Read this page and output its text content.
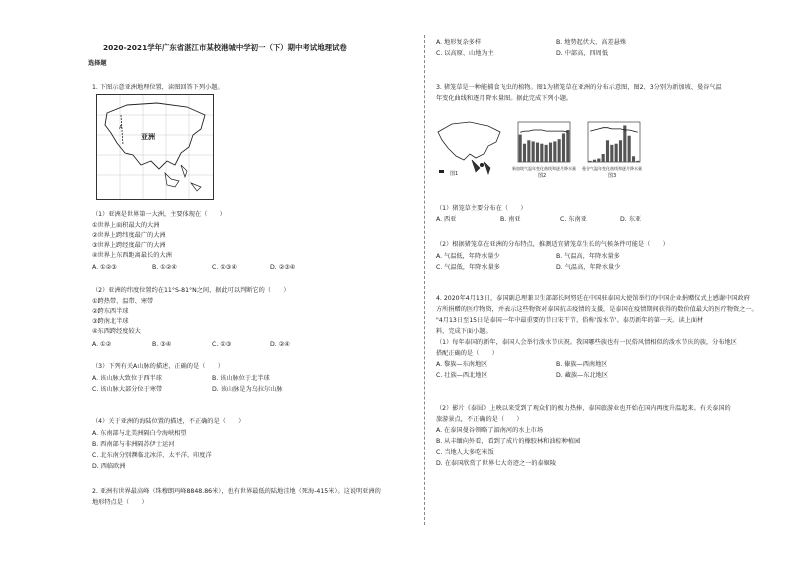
2020-2021学年广东省湛江市某校港城中学初一（下）期中考试地理试卷
选择题
1. 下图示意亚洲地理位置，读图回答下列小题。
A
亚洲
（1）亚洲是世界第一大洲，主要体现在（　　）
①世界上面积最大的大洲
②世界上跨纬度最广的大洲
③世界上跨经度最广的大洲
④世界上东西距离最长的大洲
A. ①②③	B. ①②④	C. ①③④	D. ②③④
（2）亚洲的纬度位置约在11°S-81°N之间，据此可以判断它的（　　）
①跨热带、温带、寒带
②跨东西半球
③跨南北半球
④东西跨经度较大
A. ①②	B. ③④	C. ①③	D. ②④
（3）下列有关A山脉的描述，正确的是（　　）
A. 该山脉大致位于西半球	B. 该山脉位于北半球
C. 该山脉大部分位于寒带	D. 该山脉是为乌拉尔山脉
（4）关于亚洲的海陆位置的描述，不正确的是（　　）
A. 东南部与北美洲隔白令海峡相望
B. 西南部与非洲隔苏伊士运河
C. 北东南分别濒临北冰洋、太平洋、印度洋
D. 西临欧洲
2. 亚洲有世界最高峰（珠穆朗玛峰8848.86米），也有世界最低的陆地洼地（死海-415米）。这说明亚洲的
地形特点是（　　）
A. 地形复杂多样	B. 地势起伏大，高差悬殊
C. 以高原、山地为主	D. 中部高，四周低
3. 猪笼草是一种能捕食飞虫的植物。图1为猪笼草在亚洲的分布示意图，图2、3分别为新加坡、曼谷气温
年变化曲线和逐月降水量图。据此完成下列小题。
图1
新加坡气温年变化曲线和逐月降水量
图2
曼谷气温年变化曲线和逐月降水量
图3
（1）猪笼草主要分布在（　　）
A. 西亚	B. 南亚	C. 东南亚	D. 东亚
（2）根据猪笼草在亚洲的分布特点，推测适宜猪笼草生长的气候条件可能是（　　）
A. 气温低，年降水量少	B. 气温高，年降水量多
C. 气温低，年降水量多	D. 气温高，年降水量少
4. 2020年4月13日，泰国副总理兼卫生部部长阿努廷在中国驻泰国大使馆举行的中国企业捐赠仪式上感谢中国政府
方所捐赠的医疗物资，并表示这些物资对泰国抗击疫情的支援，是泰国在疫情期间获得的数价值最大的医疗物资之一。
"4月13日至15日是泰国一年中最重要的节日宋干节，俗称'泼水节'。泰历新年的第一天。读上面材
料，完成下面小题。
（1）每年泰国的新年，泰国人会举行泼水节庆祝。我国哪些族也有一民俗风情相似的泼水节庆的族，分布地区
搭配正确的是（　　）
A. 黎族—东南地区	B. 傣族—西南地区
C. 壮族—西北地区	D. 藏族—东北地区
（2）影片《泰囧》上映以来受到了观众们的极力热捧，泰国旅游业也开始在国内再度升温起来。有关泰国的
旅游景点，不正确的是（　　）
A. 在泰国曼谷领略了湄南河的水上市场
B. 从丰缅向外看，看到了成片的橡胶林和油棕种植园
C. 当地人大多吃米饭
D. 在泰国欣赏了世界七大奇迹之一的泰姬陵
